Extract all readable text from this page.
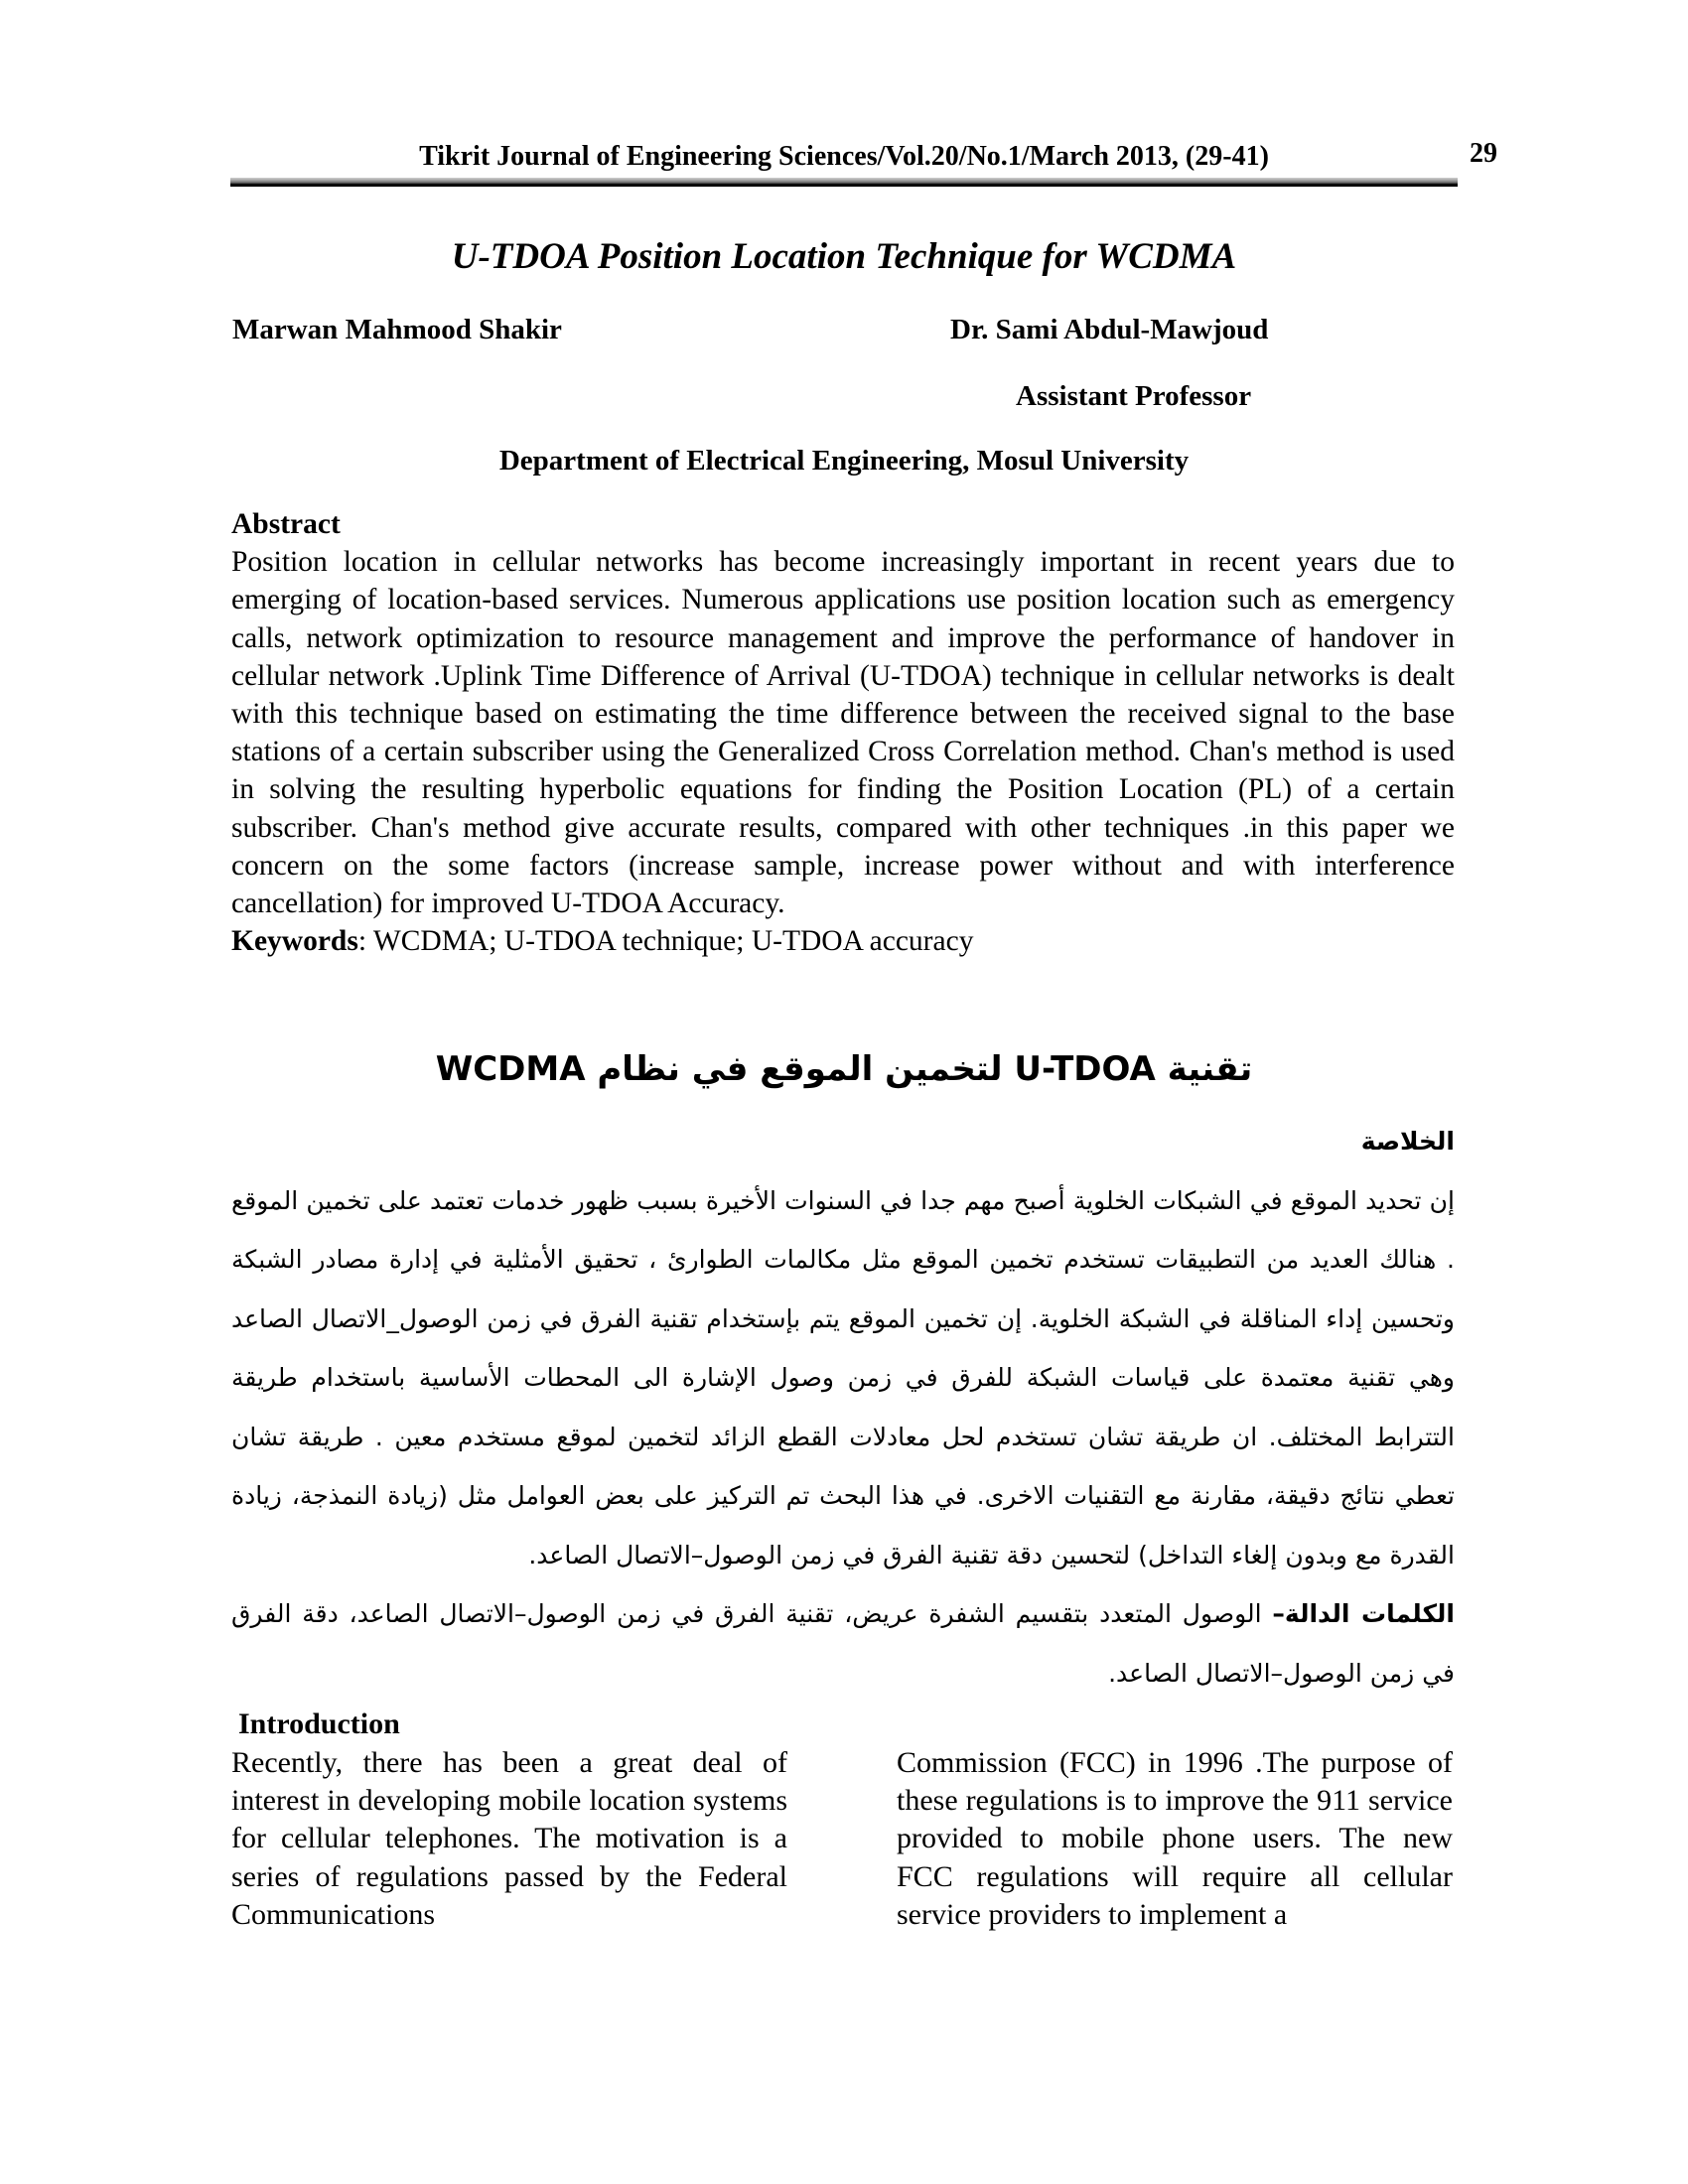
Tikrit Journal of Engineering Sciences/Vol.20/No.1/March 2013, (29-41)	29
U-TDOA Position Location Technique for WCDMA
Marwan Mahmood Shakir	Dr. Sami Abdul-Mawjoud
Assistant Professor
Department of Electrical Engineering, Mosul University
Abstract

Position location in cellular networks has become increasingly important in recent years due to emerging of location-based services. Numerous applications use position location such as emergency calls, network optimization to resource management and improve the performance of handover in cellular network .Uplink Time Difference of Arrival (U-TDOA) technique in cellular networks is dealt with this technique based on estimating the time difference between the received signal to the base stations of a certain subscriber using the Generalized Cross Correlation method. Chan's method is used in solving the resulting hyperbolic equations for finding the Position Location (PL) of a certain subscriber. Chan's method give accurate results, compared with other techniques .in this paper we concern on the some factors (increase sample, increase power without and with interference cancellation) for improved U-TDOA Accuracy.

Keywords: WCDMA; U-TDOA technique; U-TDOA accuracy
تقنية U-TDOA لتخمين الموقع في نظام WCDMA
الخلاصة

إن تحديد الموقع في الشبكات الخلوية أصبح مهم جدا في السنوات الأخيرة بسبب ظهور خدمات تعتمد على تخمين الموقع . هنالك العديد من التطبيقات تستخدم تخمين الموقع مثل مكالمات الطوارئ ، تحقيق الأمثلية في إدارة مصادر الشبكة وتحسين إداء المناقلة في الشبكة الخلوية. إن تخمين الموقع يتم بإستخدام تقنية الفرق في زمن الوصول_الاتصال الصاعد وهي تقنية معتمدة على قياسات الشبكة للفرق في زمن وصول الإشارة الى المحطات الأساسية باستخدام طريقة التترابط المختلف. ان طريقة تشان تستخدم لحل معادلات القطع الزائد لتخمين لموقع مستخدم معين . طريقة تشان تعطي نتائج دقيقة، مقارنة مع التقنيات الاخرى. في هذا البحث تم التركيز على بعض العوامل مثل (زيادة النمذجة، زيادة القدرة مع وبدون إلغاء التداخل) لتحسين دقة تقنية الفرق في زمن الوصول–الاتصال الصاعد.

الكلمات الدالة– الوصول المتعدد بتقسيم الشفرة عريض، تقنية الفرق في زمن الوصول–الاتصال الصاعد، دقة الفرق في زمن الوصول–الاتصال الصاعد.

Introduction

Recently, there has been a great deal of interest in developing mobile location systems for cellular telephones. The motivation is a series of regulations passed by the Federal Communications

Commission (FCC) in 1996 .The purpose of these regulations is to improve the 911 service provided to mobile phone users. The new FCC regulations will require all cellular service providers to implement a
